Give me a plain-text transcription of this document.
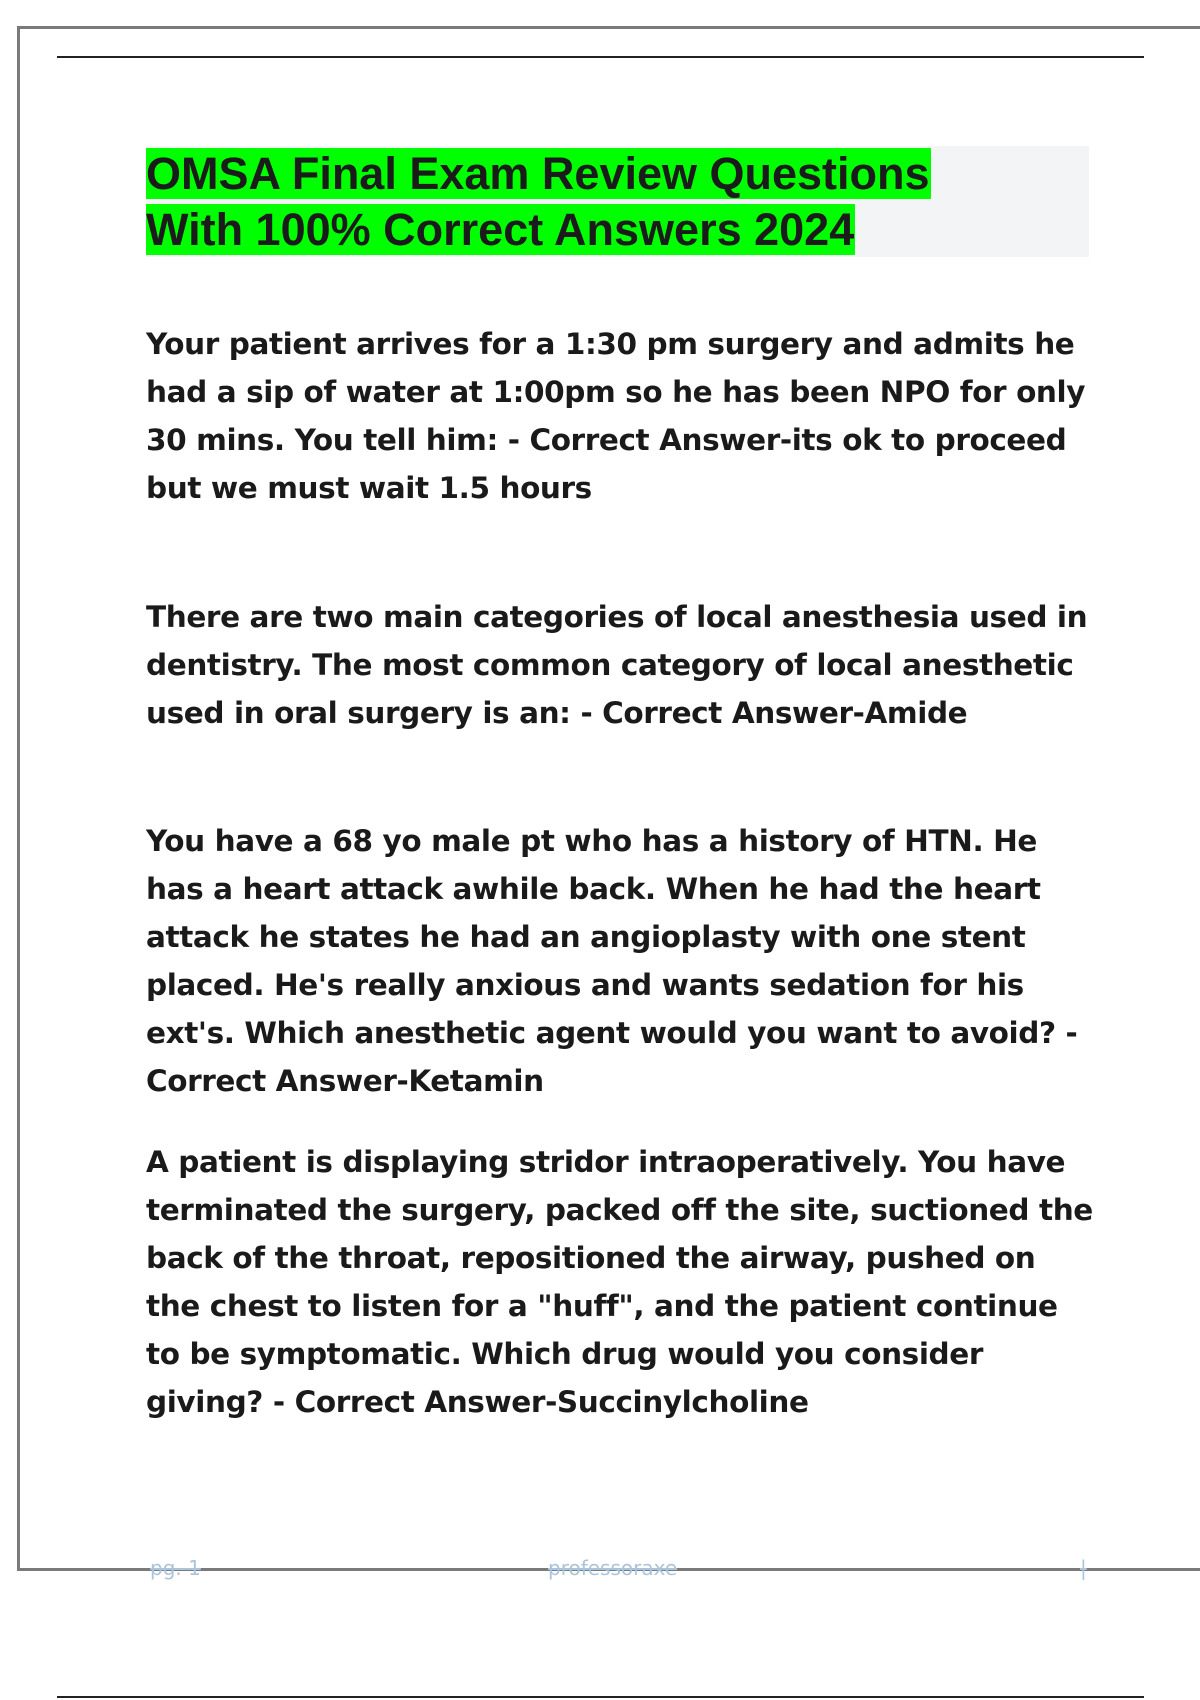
OMSA Final Exam Review Questions
With 100% Correct Answers 2024

Your patient arrives for a 1:30 pm surgery and admits he had a sip of water at 1:00pm so he has been NPO for only 30 mins. You tell him: - Correct Answer-its ok to proceed but we must wait 1.5 hours

There are two main categories of local anesthesia used in dentistry. The most common category of local anesthetic used in oral surgery is an: - Correct Answer-Amide

You have a 68 yo male pt who has a history of HTN. He has a heart attack awhile back. When he had the heart attack he states he had an angioplasty with one stent placed. He's really anxious and wants sedation for his ext's. Which anesthetic agent would you want to avoid? - Correct Answer-Ketamin

A patient is displaying stridor intraoperatively. You have terminated the surgery, packed off the site, suctioned the back of the throat, repositioned the airway, pushed on the chest to listen for a "huff", and the patient continue to be symptomatic. Which drug would you consider giving? - Correct Answer-Succinylcholine

pg. 1	professoraxe	|
